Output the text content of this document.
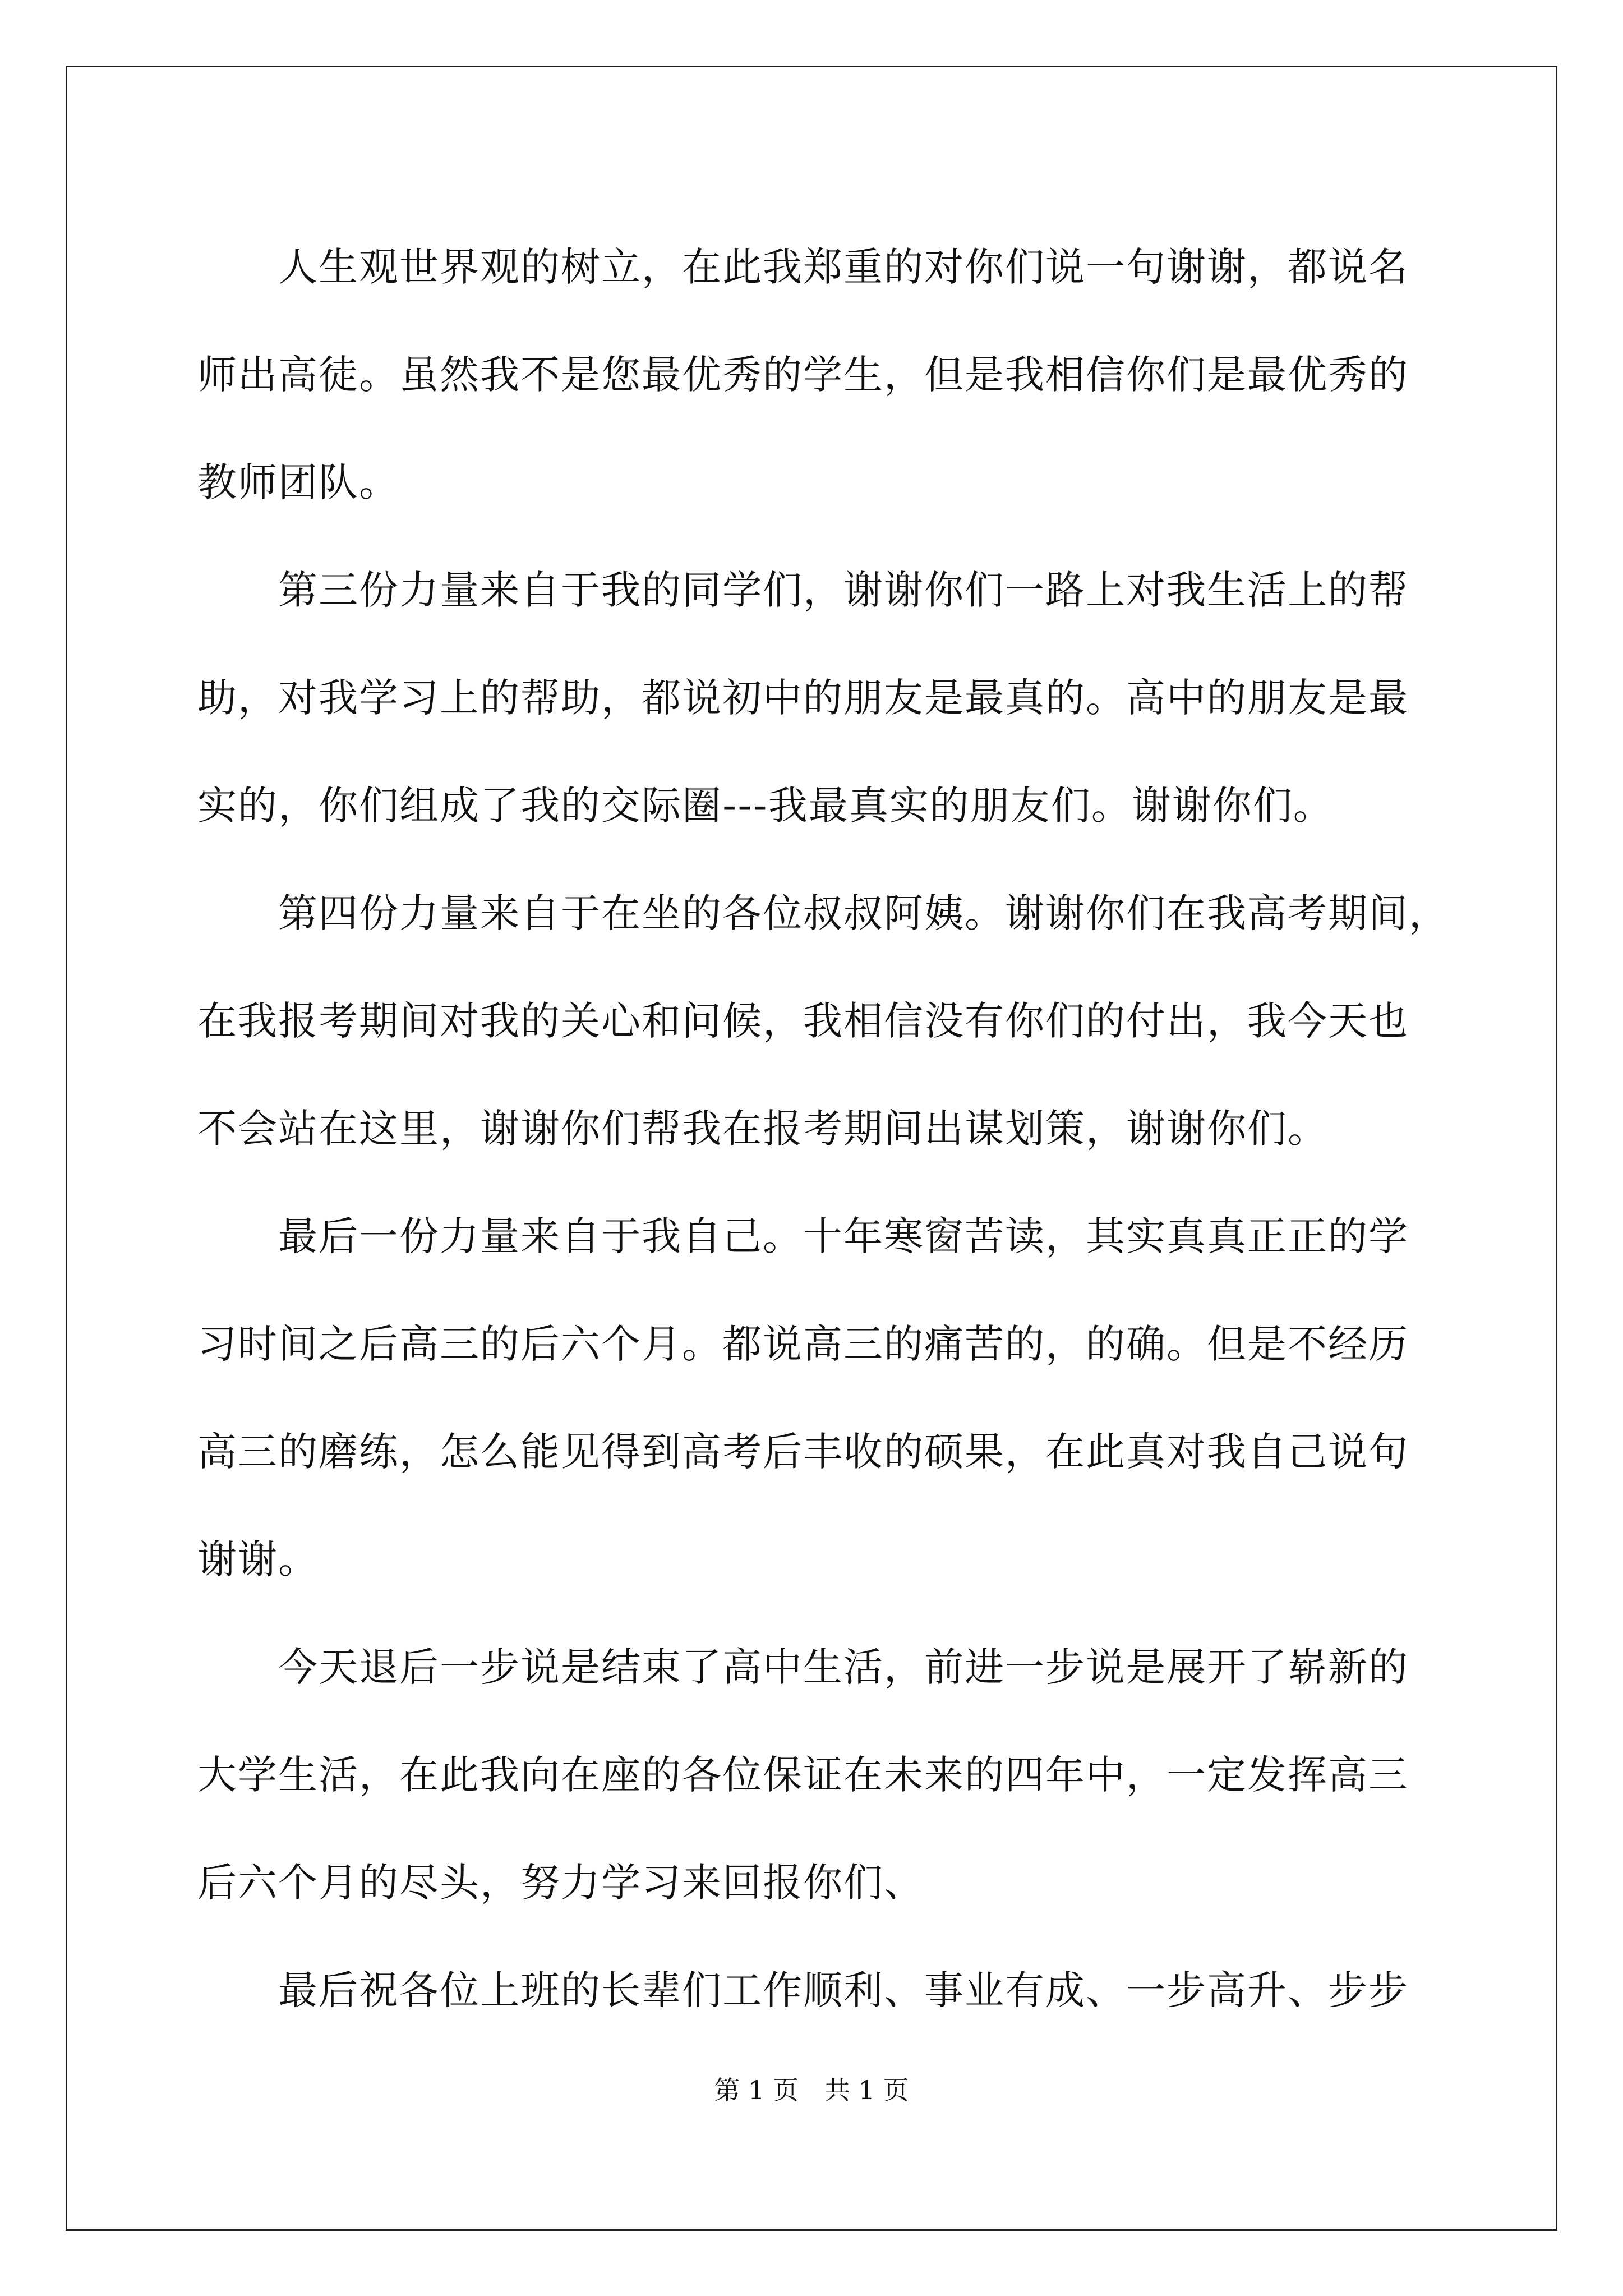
　　人生观世界观的树立，在此我郑重的对你们说一句谢谢，都说名
师出高徒。虽然我不是您最优秀的学生，但是我相信你们是最优秀的
教师团队。
　　第三份力量来自于我的同学们，谢谢你们一路上对我生活上的帮
助，对我学习上的帮助，都说初中的朋友是最真的。高中的朋友是最
实的，你们组成了我的交际圈---我最真实的朋友们。谢谢你们。
　　第四份力量来自于在坐的各位叔叔阿姨。谢谢你们在我高考期间，
在我报考期间对我的关心和问候，我相信没有你们的付出，我今天也
不会站在这里，谢谢你们帮我在报考期间出谋划策，谢谢你们。
　　最后一份力量来自于我自己。十年寒窗苦读，其实真真正正的学
习时间之后高三的后六个月。都说高三的痛苦的，的确。但是不经历
高三的磨练，怎么能见得到高考后丰收的硕果，在此真对我自己说句
谢谢。
　　今天退后一步说是结束了高中生活，前进一步说是展开了崭新的
大学生活，在此我向在座的各位保证在未来的四年中，一定发挥高三
后六个月的尽头，努力学习来回报你们、
　　最后祝各位上班的长辈们工作顺利、事业有成、一步高升、步步
第 1 页　共 1 页
